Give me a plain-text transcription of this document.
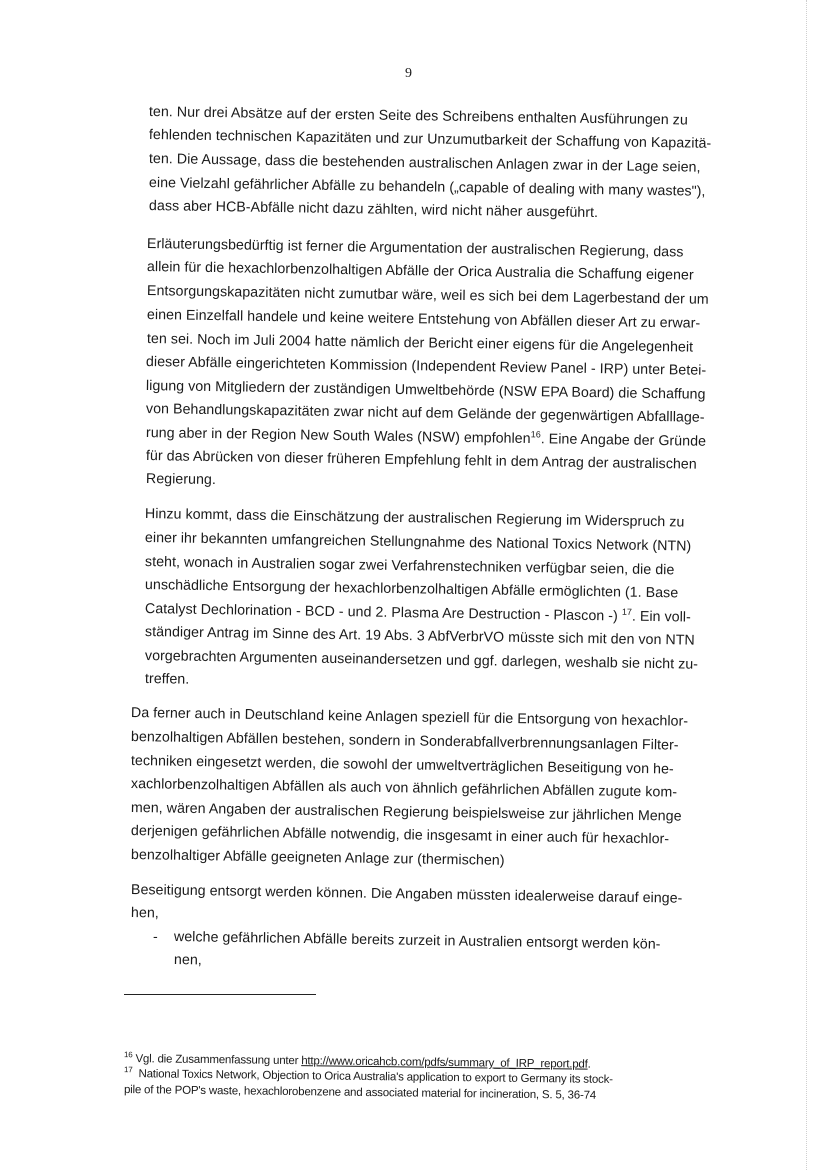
9
ten. Nur drei Absätze auf der ersten Seite des Schreibens enthalten Ausführungen zu
fehlenden technischen Kapazitäten und zur Unzumutbarkeit der Schaffung von Kapazitä-
ten. Die Aussage, dass die bestehenden australischen Anlagen zwar in der Lage seien,
eine Vielzahl gefährlicher Abfälle zu behandeln („capable of dealing with many wastes"),
dass aber HCB-Abfälle nicht dazu zählten, wird nicht näher ausgeführt.
Erläuterungsbedürftig ist ferner die Argumentation der australischen Regierung, dass
allein für die hexachlorbenzolhaltigen Abfälle der Orica Australia die Schaffung eigener
Entsorgungskapazitäten nicht zumutbar wäre, weil es sich bei dem Lagerbestand der um
einen Einzelfall handele und keine weitere Entstehung von Abfällen dieser Art zu erwar-
ten sei. Noch im Juli 2004 hatte nämlich der Bericht einer eigens für die Angelegenheit
dieser Abfälle eingerichteten Kommission (Independent Review Panel - IRP) unter Betei-
ligung von Mitgliedern der zuständigen Umweltbehörde (NSW EPA Board) die Schaffung
von Behandlungskapazitäten zwar nicht auf dem Gelände der gegenwärtigen Abfalllage-
rung aber in der Region New South Wales (NSW) empfohlen$^{16}$. Eine Angabe der Gründe
für das Abrücken von dieser früheren Empfehlung fehlt in dem Antrag der australischen
Regierung.
Hinzu kommt, dass die Einschätzung der australischen Regierung im Widerspruch zu
einer ihr bekannten umfangreichen Stellungnahme des National Toxics Network (NTN)
steht, wonach in Australien sogar zwei Verfahrenstechniken verfügbar seien, die die
unschädliche Entsorgung der hexachlorbenzolhaltigen Abfälle ermöglichten (1. Base
Catalyst Dechlorination - BCD - und 2. Plasma Are Destruction - Plascon -) $^{17}$. Ein voll-
ständiger Antrag im Sinne des Art. 19 Abs. 3 AbfVerbrVO müsste sich mit den von NTN
vorgebrachten Argumenten auseinandersetzen und ggf. darlegen, weshalb sie nicht zu-
treffen.
Da ferner auch in Deutschland keine Anlagen speziell für die Entsorgung von hexachlor-
benzolhaltigen Abfällen bestehen, sondern in Sonderabfallverbrennungsanlagen Filter-
techniken eingesetzt werden, die sowohl der umweltverträglichen Beseitigung von he-
xachlorbenzolhaltigen Abfällen als auch von ähnlich gefährlichen Abfällen zugute kom-
men, wären Angaben der australischen Regierung beispielsweise zur jährlichen Menge
derjenigen gefährlichen Abfälle notwendig, die insgesamt in einer auch für hexachlor-
benzolhaltiger Abfälle geeigneten Anlage zur (thermischen)
Beseitigung entsorgt werden können. Die Angaben müssten idealerweise darauf einge-
hen,
- welche gefährlichen Abfälle bereits zurzeit in Australien entsorgt werden kön-
nen,
$^{16}$ Vgl. die Zusammenfassung unter http://www.oricahcb.com/pdfs/summary_of_IRP_report.pdf.
$^{17}$ National Toxics Network, Objection to Orica Australia's application to export to Germany its stock-
pile of the POP's waste, hexachlorobenzene and associated material for incineration, S. 5, 36-74
